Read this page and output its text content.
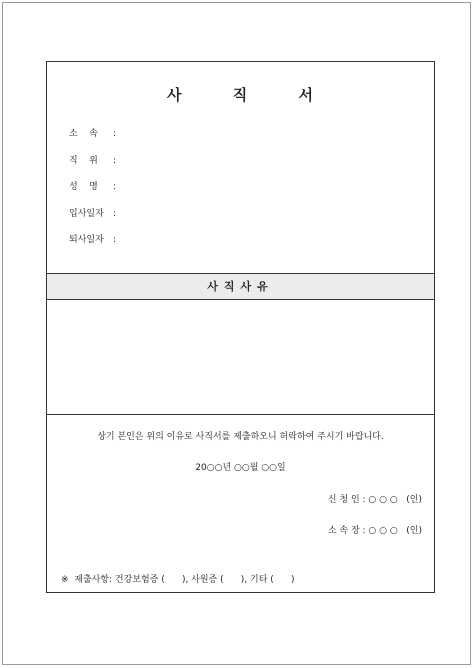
사	직	서
소    속 :
직    위 :
성    명 :
입사일자 :
퇴사일자 :
사직사유
상기 본인은 위의 이유로 사직서를 제출하오니 허락하여 주시기 바랍니다.
20○○년 ○○월 ○○일
신 청 인 : ○ ○ ○   (인)
소 속 장 : ○ ○ ○   (인)
※  제출사항: 건강보험증 (      ), 사원증 (      ), 기타 (      )
